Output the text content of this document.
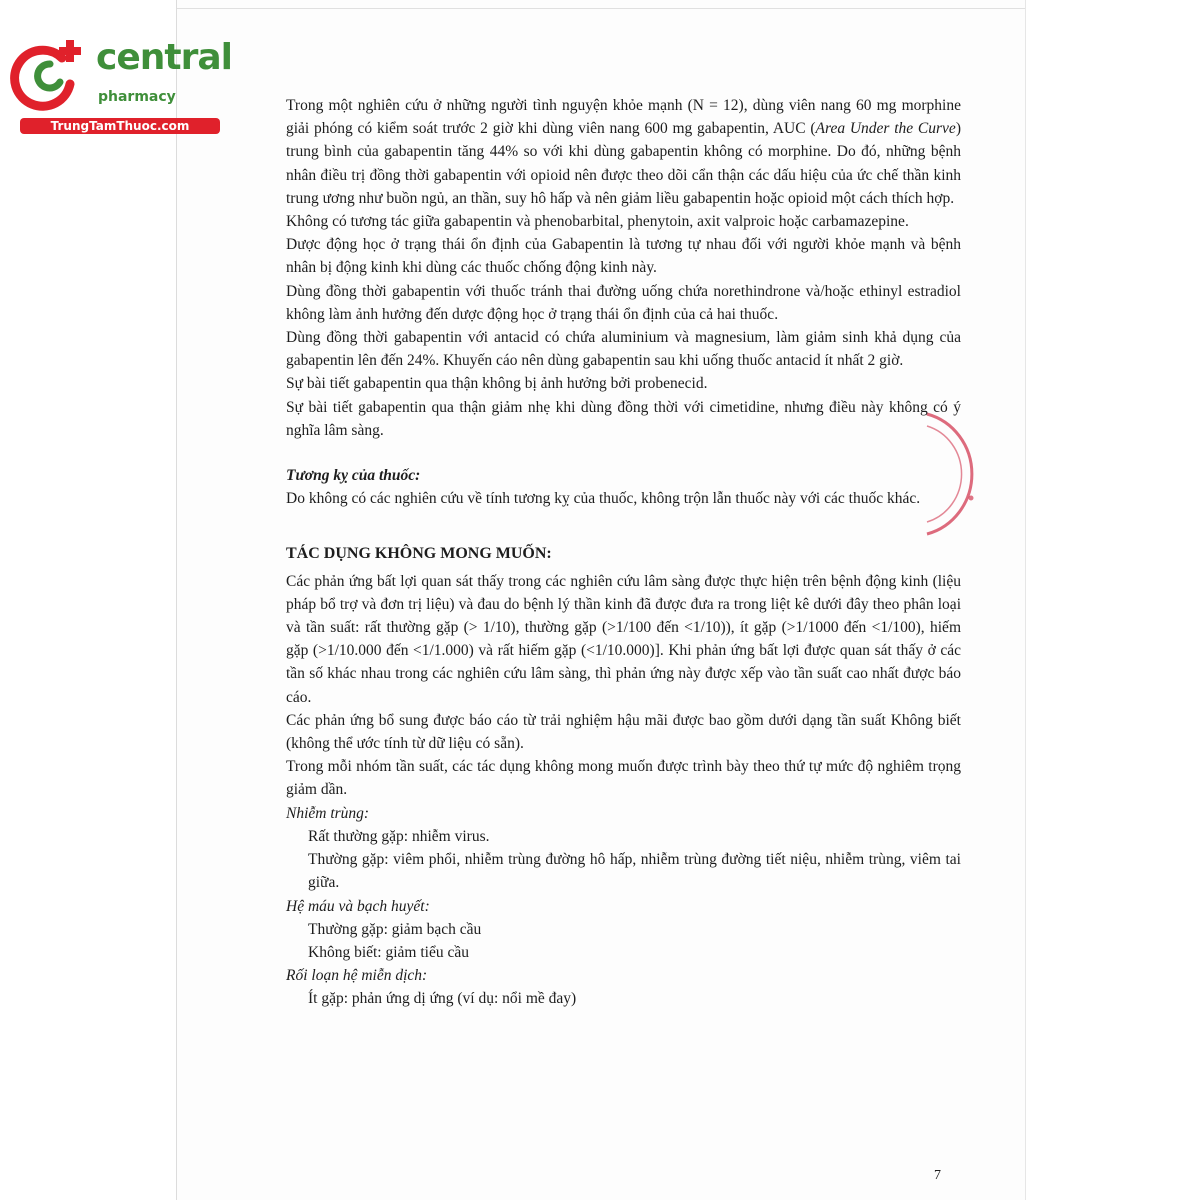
central
pharmacy
TrungTamThuoc.com

Trong một nghiên cứu ở những người tình nguyện khỏe mạnh (N = 12), dùng viên nang 60 mg morphine giải phóng có kiểm soát trước 2 giờ khi dùng viên nang 600 mg gabapentin, AUC (Area Under the Curve) trung bình của gabapentin tăng 44% so với khi dùng gabapentin không có morphine. Do đó, những bệnh nhân điều trị đồng thời gabapentin với opioid nên được theo dõi cẩn thận các dấu hiệu của ức chế thần kinh trung ương như buồn ngủ, an thần, suy hô hấp và nên giảm liều gabapentin hoặc opioid một cách thích hợp.

Không có tương tác giữa gabapentin và phenobarbital, phenytoin, axit valproic hoặc carbamazepine.

Dược động học ở trạng thái ổn định của Gabapentin là tương tự nhau đối với người khỏe mạnh và bệnh nhân bị động kinh khi dùng các thuốc chống động kinh này.

Dùng đồng thời gabapentin với thuốc tránh thai đường uống chứa norethindrone và/hoặc ethinyl estradiol không làm ảnh hưởng đến dược động học ở trạng thái ổn định của cả hai thuốc.

Dùng đồng thời gabapentin với antacid có chứa aluminium và magnesium, làm giảm sinh khả dụng của gabapentin lên đến 24%. Khuyến cáo nên dùng gabapentin sau khi uống thuốc antacid ít nhất 2 giờ.

Sự bài tiết gabapentin qua thận không bị ảnh hưởng bởi probenecid.

Sự bài tiết gabapentin qua thận giảm nhẹ khi dùng đồng thời với cimetidine, nhưng điều này không có ý nghĩa lâm sàng.

Tương kỵ của thuốc:

Do không có các nghiên cứu về tính tương kỵ của thuốc, không trộn lẫn thuốc này với các thuốc khác.

TÁC DỤNG KHÔNG MONG MUỐN:

Các phản ứng bất lợi quan sát thấy trong các nghiên cứu lâm sàng được thực hiện trên bệnh động kinh (liệu pháp bổ trợ và đơn trị liệu) và đau do bệnh lý thần kinh đã được đưa ra trong liệt kê dưới đây theo phân loại và tần suất: rất thường gặp (> 1/10), thường gặp (>1/100 đến <1/10)), ít gặp (>1/1000 đến <1/100), hiếm gặp (>1/10.000 đến <1/1.000) và rất hiếm gặp (<1/10.000)]. Khi phản ứng bất lợi được quan sát thấy ở các tần số khác nhau trong các nghiên cứu lâm sàng, thì phản ứng này được xếp vào tần suất cao nhất được báo cáo.

Các phản ứng bổ sung được báo cáo từ trải nghiệm hậu mãi được bao gồm dưới dạng tần suất Không biết (không thể ước tính từ dữ liệu có sẵn).

Trong mỗi nhóm tần suất, các tác dụng không mong muốn được trình bày theo thứ tự mức độ nghiêm trọng giảm dần.

Nhiễm trùng:

Rất thường gặp: nhiễm virus.

Thường gặp: viêm phổi, nhiễm trùng đường hô hấp, nhiễm trùng đường tiết niệu, nhiễm trùng, viêm tai giữa.

Hệ máu và bạch huyết:

Thường gặp: giảm bạch cầu

Không biết: giảm tiểu cầu

Rối loạn hệ miễn dịch:

Ít gặp: phản ứng dị ứng (ví dụ: nổi mề đay)

7
